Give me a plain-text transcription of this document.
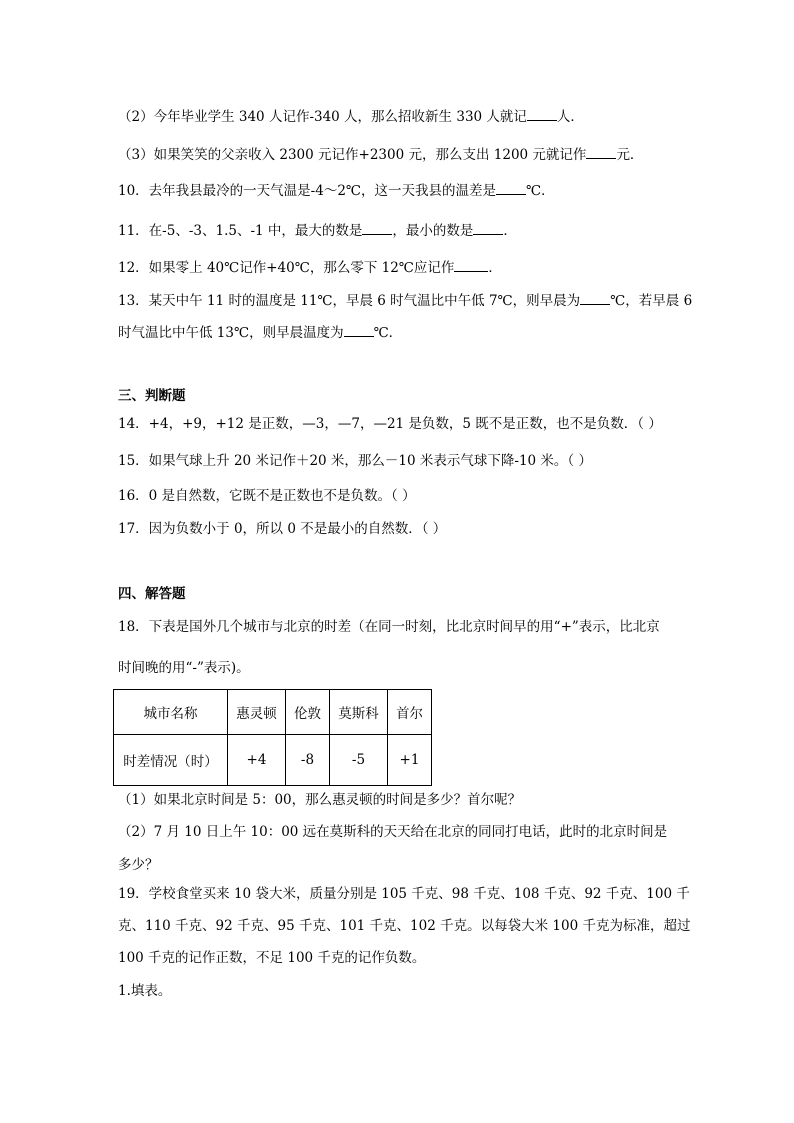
（2）今年毕业学生 340 人记作-340 人，那么招收新生 330 人就记 人．
（3）如果笑笑的父亲收入 2300 元记作+2300 元，那么支出 1200 元就记作 元．
10．去年我县最冷的一天气温是-4～2℃，这一天我县的温差是 ℃．
11．在-5、-3、1.5、-1 中，最大的数是 ，最小的数是 ．
12．如果零上 40℃记作+40℃，那么零下 12℃应记作	．
13．某天中午 11 时的温度是 11℃，早晨 6 时气温比中午低 7℃，则早晨为 ℃，若早晨 6
时气温比中午低 13℃，则早晨温度为 ℃．
三、判断题
14．+4，+9，+12 是正数，—3，—7，—21 是负数，5 既不是正数，也不是负数．（ ）
15．如果气球上升 20 米记作＋20 米，那么－10 米表示气球下降-10 米。（ ）
16．0 是自然数，它既不是正数也不是负数。（ ）
17．因为负数小于 0，所以 0 不是最小的自然数．（ ）
四、解答题
18．下表是国外几个城市与北京的时差（在同一时刻，比北京时间早的用“+”表示，比北京
时间晚的用“-”表示)。
城市名称	惠灵顿	伦敦	莫斯科	首尔
时差情况（时）	+4	-8	-5	+1
（1）如果北京时间是 5：00，那么惠灵顿的时间是多少？首尔呢？
（2）7 月 10 日上午 10：00 远在莫斯科的天天给在北京的同同打电话，此时的北京时间是
多少？
19．学校食堂买来 10 袋大米，质量分别是 105 千克、98 千克、108 千克、92 千克、100 千
克、110 千克、92 千克、95 千克、101 千克、102 千克。以每袋大米 100 千克为标准，超过
100 千克的记作正数，不足 100 千克的记作负数。
1.填表。
